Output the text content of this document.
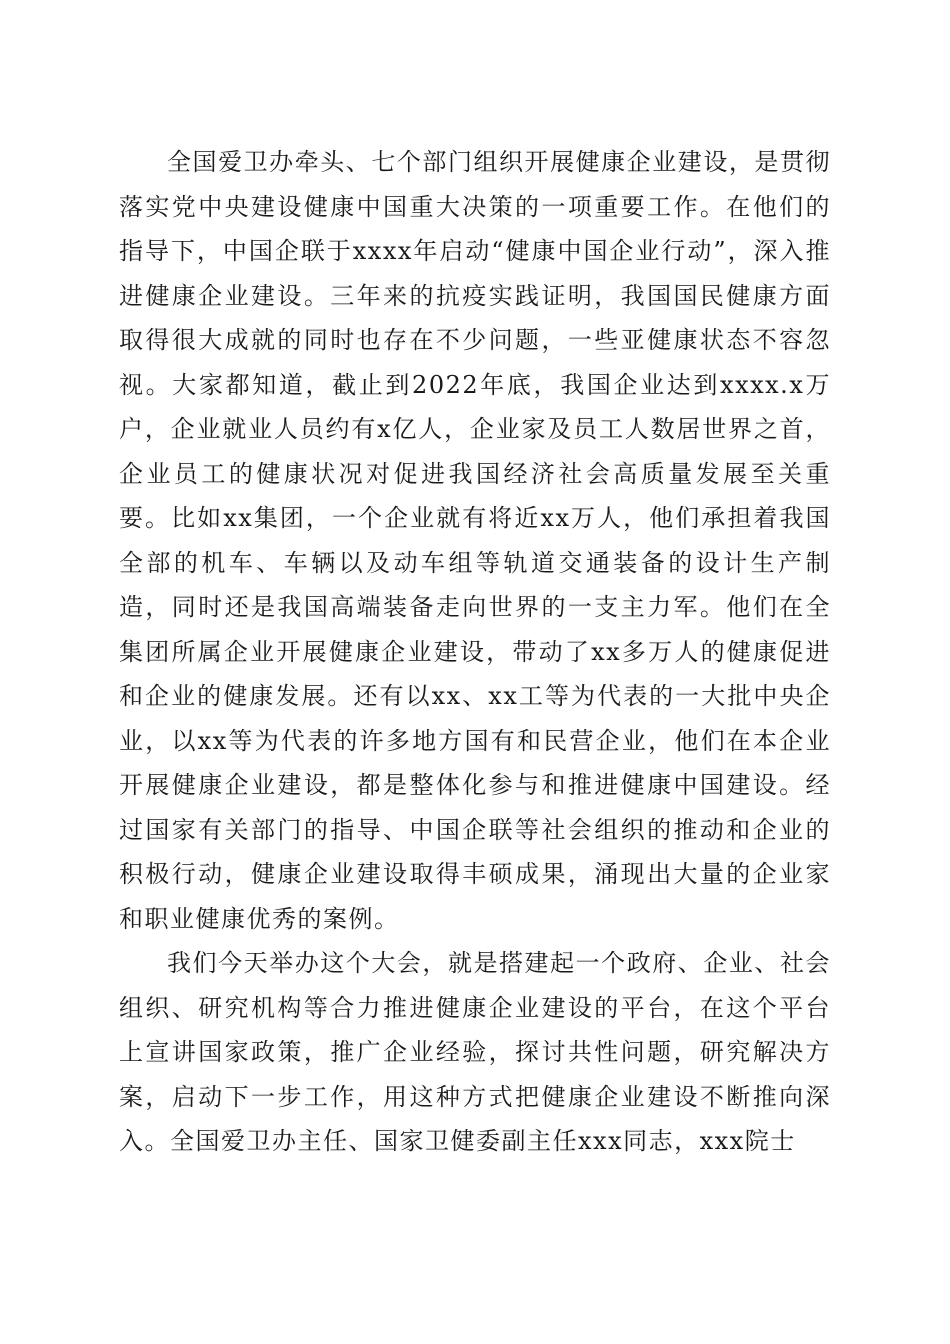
全国爱卫办牵头、七个部门组织开展健康企业建设，是贯彻落实党中央建设健康中国重大决策的一项重要工作。在他们的指导下，中国企联于xxxx年启动“健康中国企业行动”，深入推进健康企业建设。三年来的抗疫实践证明，我国国民健康方面取得很大成就的同时也存在不少问题，一些亚健康状态不容忽视。大家都知道，截止到2022年底，我国企业达到xxxx.x万户，企业就业人员约有x亿人，企业家及员工人数居世界之首，企业员工的健康状况对促进我国经济社会高质量发展至关重要。比如xx集团，一个企业就有将近xx万人，他们承担着我国全部的机车、车辆以及动车组等轨道交通装备的设计生产制造，同时还是我国高端装备走向世界的一支主力军。他们在全集团所属企业开展健康企业建设，带动了xx多万人的健康促进和企业的健康发展。还有以xx、xx工等为代表的一大批中央企业，以xx等为代表的许多地方国有和民营企业，他们在本企业开展健康企业建设，都是整体化参与和推进健康中国建设。经过国家有关部门的指导、中国企联等社会组织的推动和企业的积极行动，健康企业建设取得丰硕成果，涌现出大量的企业家和职业健康优秀的案例。

我们今天举办这个大会，就是搭建起一个政府、企业、社会组织、研究机构等合力推进健康企业建设的平台，在这个平台上宣讲国家政策，推广企业经验，探讨共性问题，研究解决方案，启动下一步工作，用这种方式把健康企业建设不断推向深入。全国爱卫办主任、国家卫健委副主任xxx同志，xxx院士
